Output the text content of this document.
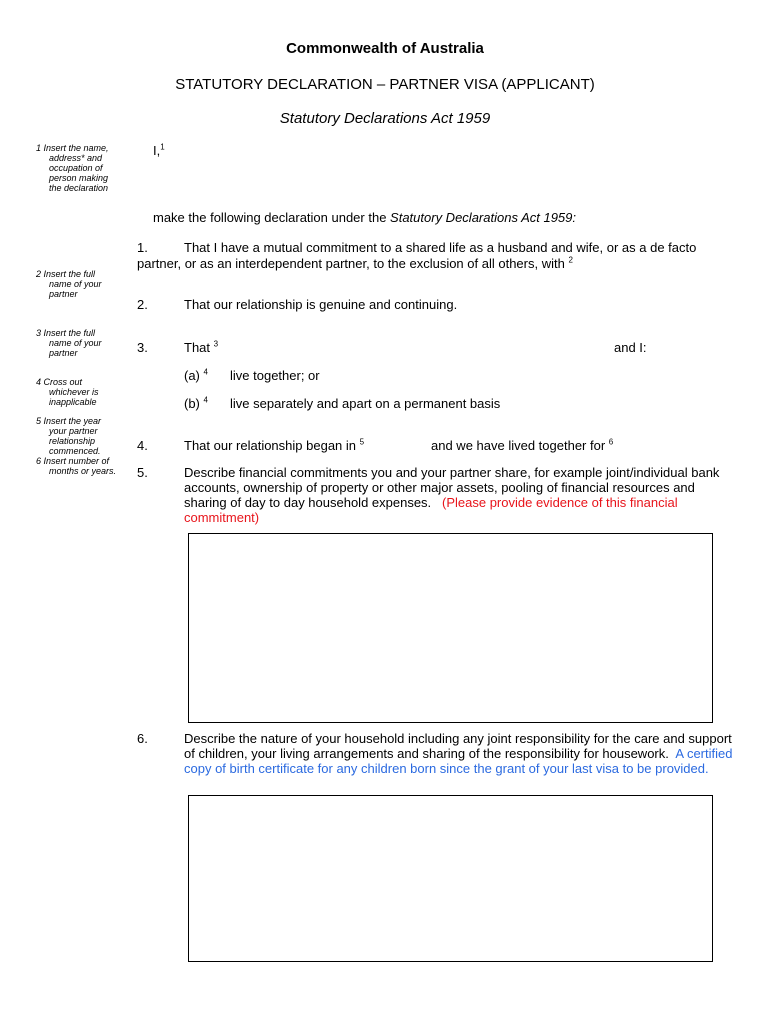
Commonwealth of Australia
STATUTORY DECLARATION – PARTNER VISA (APPLICANT)
Statutory Declarations Act 1959
1 Insert the name,
address* and
occupation of
person making
the declaration
I,$^1$
make the following declaration under the Statutory Declarations Act 1959:
1.	That I have a mutual commitment to a shared life as a husband and wife, or as a de facto
partner, or as an interdependent partner, to the exclusion of all others, with $^2$
2 Insert the full
name of your
partner
2.	That our relationship is genuine and continuing.
3 Insert the full
name of your
partner	3.	That $^3$	and I:
(a) $^4$ live together; or
4 Cross out
whichever is
inapplicable	(b) $^4$ live separately and apart on a permanent basis
5 Insert the year
your partner
relationship
commenced.
6 Insert number of
months or years.
4.	That our relationship began in $^5$	and we have lived together for $^6$
5.	Describe financial commitments you and your partner share, for example joint/individual bank
accounts, ownership of property or other major assets, pooling of financial resources and
sharing of day to day household expenses. (Please provide evidence of this financial
commitment)
6.	Describe the nature of your household including any joint responsibility for the care and support
of children, your living arrangements and sharing of the responsibility for housework. A certified
copy of birth certificate for any children born since the grant of your last visa to be provided.
